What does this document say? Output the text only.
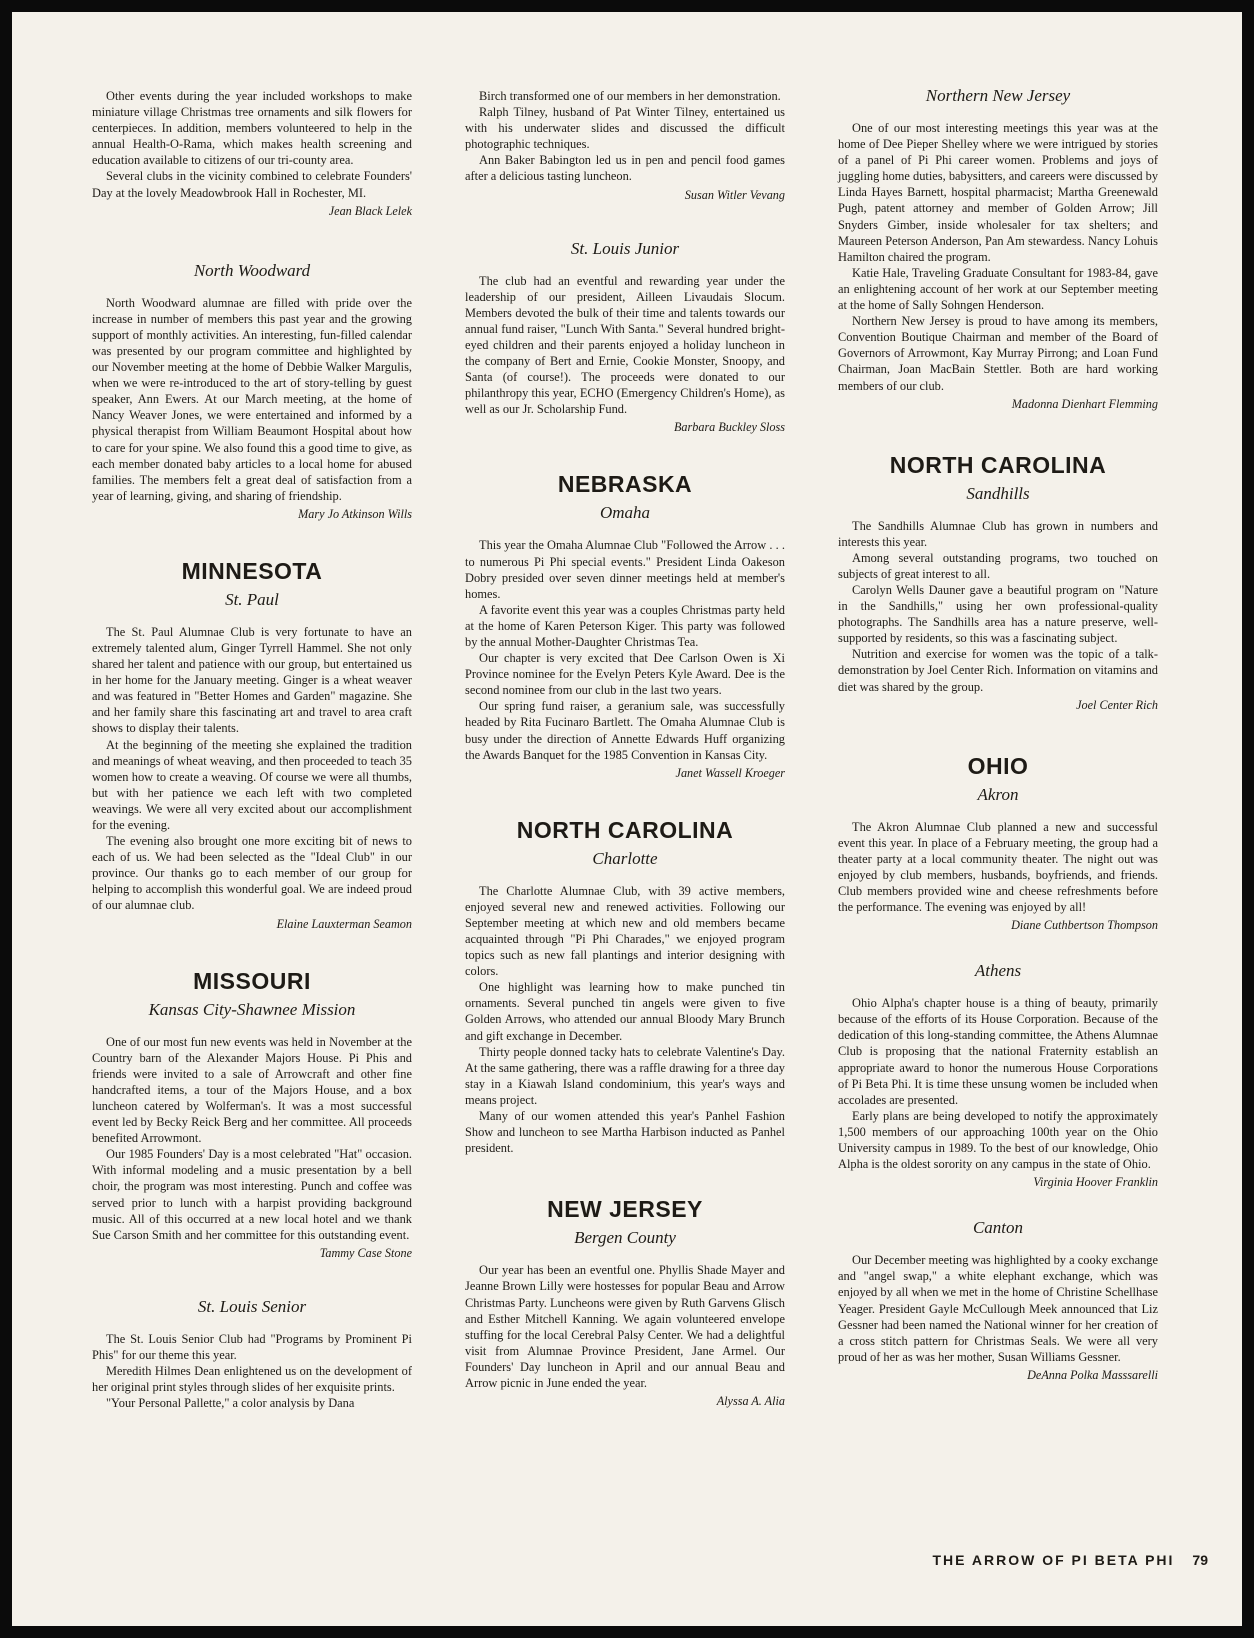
Other events during the year included workshops to make miniature village Christmas tree ornaments and silk flowers for centerpieces. In addition, members volunteered to help in the annual Health-O-Rama, which makes health screening and education available to citizens of our tri-county area.

Several clubs in the vicinity combined to celebrate Founders' Day at the lovely Meadowbrook Hall in Rochester, MI.

Jean Black Lelek
North Woodward

North Woodward alumnae are filled with pride over the increase in number of members this past year and the growing support of monthly activities. An interesting, fun-filled calendar was presented by our program committee and highlighted by our November meeting at the home of Debbie Walker Margulis, when we were re-introduced to the art of story-telling by guest speaker, Ann Ewers. At our March meeting, at the home of Nancy Weaver Jones, we were entertained and informed by a physical therapist from William Beaumont Hospital about how to care for your spine. We also found this a good time to give, as each member donated baby articles to a local home for abused families. The members felt a great deal of satisfaction from a year of learning, giving, and sharing of friendship.

Mary Jo Atkinson Wills
MINNESOTA
St. Paul

The St. Paul Alumnae Club is very fortunate to have an extremely talented alum, Ginger Tyrrell Hammel. She not only shared her talent and patience with our group, but entertained us in her home for the January meeting. Ginger is a wheat weaver and was featured in "Better Homes and Garden" magazine. She and her family share this fascinating art and travel to area craft shows to display their talents.

At the beginning of the meeting she explained the tradition and meanings of wheat weaving, and then proceeded to teach 35 women how to create a weaving. Of course we were all thumbs, but with her patience we each left with two completed weavings. We were all very excited about our accomplishment for the evening.

The evening also brought one more exciting bit of news to each of us. We had been selected as the "Ideal Club" in our province. Our thanks go to each member of our group for helping to accomplish this wonderful goal. We are indeed proud of our alumnae club.

Elaine Lauxterman Seamon
MISSOURI
Kansas City-Shawnee Mission

One of our most fun new events was held in November at the Country barn of the Alexander Majors House. Pi Phis and friends were invited to a sale of Arrowcraft and other fine handcrafted items, a tour of the Majors House, and a box luncheon catered by Wolferman's. It was a most successful event led by Becky Reick Berg and her committee. All proceeds benefited Arrowmont.

Our 1985 Founders' Day is a most celebrated "Hat" occasion. With informal modeling and a music presentation by a bell choir, the program was most interesting. Punch and coffee was served prior to lunch with a harpist providing background music. All of this occurred at a new local hotel and we thank Sue Carson Smith and her committee for this outstanding event.

Tammy Case Stone
St. Louis Senior

The St. Louis Senior Club had "Programs by Prominent Pi Phis" for our theme this year.

Meredith Hilmes Dean enlightened us on the development of her original print styles through slides of her exquisite prints.

"Your Personal Pallette," a color analysis by Dana

Birch transformed one of our members in her demonstration.

Ralph Tilney, husband of Pat Winter Tilney, entertained us with his underwater slides and discussed the difficult photographic techniques.

Ann Baker Babington led us in pen and pencil food games after a delicious tasting luncheon.

Susan Witler Vevang
St. Louis Junior

The club had an eventful and rewarding year under the leadership of our president, Ailleen Livaudais Slocum. Members devoted the bulk of their time and talents towards our annual fund raiser, "Lunch With Santa." Several hundred bright-eyed children and their parents enjoyed a holiday luncheon in the company of Bert and Ernie, Cookie Monster, Snoopy, and Santa (of course!). The proceeds were donated to our philanthropy this year, ECHO (Emergency Children's Home), as well as our Jr. Scholarship Fund.

Barbara Buckley Sloss
NEBRASKA
Omaha

This year the Omaha Alumnae Club "Followed the Arrow . . . to numerous Pi Phi special events." President Linda Oakeson Dobry presided over seven dinner meetings held at member's homes.

A favorite event this year was a couples Christmas party held at the home of Karen Peterson Kiger. This party was followed by the annual Mother-Daughter Christmas Tea.

Our chapter is very excited that Dee Carlson Owen is Xi Province nominee for the Evelyn Peters Kyle Award. Dee is the second nominee from our club in the last two years.

Our spring fund raiser, a geranium sale, was successfully headed by Rita Fucinaro Bartlett. The Omaha Alumnae Club is busy under the direction of Annette Edwards Huff organizing the Awards Banquet for the 1985 Convention in Kansas City.

Janet Wassell Kroeger
NORTH CAROLINA
Charlotte

The Charlotte Alumnae Club, with 39 active members, enjoyed several new and renewed activities. Following our September meeting at which new and old members became acquainted through "Pi Phi Charades," we enjoyed program topics such as new fall plantings and interior designing with colors.

One highlight was learning how to make punched tin ornaments. Several punched tin angels were given to five Golden Arrows, who attended our annual Bloody Mary Brunch and gift exchange in December.

Thirty people donned tacky hats to celebrate Valentine's Day. At the same gathering, there was a raffle drawing for a three day stay in a Kiawah Island condominium, this year's ways and means project.

Many of our women attended this year's Panhel Fashion Show and luncheon to see Martha Harbison inducted as Panhel president.

NEW JERSEY
Bergen County

Our year has been an eventful one. Phyllis Shade Mayer and Jeanne Brown Lilly were hostesses for popular Beau and Arrow Christmas Party. Luncheons were given by Ruth Garvens Glisch and Esther Mitchell Kanning. We again volunteered envelope stuffing for the local Cerebral Palsy Center. We had a delightful visit from Alumnae Province President, Jane Armel. Our Founders' Day luncheon in April and our annual Beau and Arrow picnic in June ended the year.

Alyssa A. Alia
Northern New Jersey

One of our most interesting meetings this year was at the home of Dee Pieper Shelley where we were intrigued by stories of a panel of Pi Phi career women. Problems and joys of juggling home duties, babysitters, and careers were discussed by Linda Hayes Barnett, hospital pharmacist; Martha Greenewald Pugh, patent attorney and member of Golden Arrow; Jill Snyders Gimber, inside wholesaler for tax shelters; and Maureen Peterson Anderson, Pan Am stewardess. Nancy Lohuis Hamilton chaired the program.

Katie Hale, Traveling Graduate Consultant for 1983-84, gave an enlightening account of her work at our September meeting at the home of Sally Sohngen Henderson.

Northern New Jersey is proud to have among its members, Convention Boutique Chairman and member of the Board of Governors of Arrowmont, Kay Murray Pirrong; and Loan Fund Chairman, Joan MacBain Stettler. Both are hard working members of our club.

Madonna Dienhart Flemming
NORTH CAROLINA
Sandhills

The Sandhills Alumnae Club has grown in numbers and interests this year.

Among several outstanding programs, two touched on subjects of great interest to all.

Carolyn Wells Dauner gave a beautiful program on "Nature in the Sandhills," using her own professional-quality photographs. The Sandhills area has a nature preserve, well-supported by residents, so this was a fascinating subject.

Nutrition and exercise for women was the topic of a talk-demonstration by Joel Center Rich. Information on vitamins and diet was shared by the group.

Joel Center Rich
OHIO
Akron

The Akron Alumnae Club planned a new and successful event this year. In place of a February meeting, the group had a theater party at a local community theater. The night out was enjoyed by club members, husbands, boyfriends, and friends. Club members provided wine and cheese refreshments before the performance. The evening was enjoyed by all!

Diane Cuthbertson Thompson
Athens

Ohio Alpha's chapter house is a thing of beauty, primarily because of the efforts of its House Corporation. Because of the dedication of this long-standing committee, the Athens Alumnae Club is proposing that the national Fraternity establish an appropriate award to honor the numerous House Corporations of Pi Beta Phi. It is time these unsung women be included when accolades are presented.

Early plans are being developed to notify the approximately 1,500 members of our approaching 100th year on the Ohio University campus in 1989. To the best of our knowledge, Ohio Alpha is the oldest sorority on any campus in the state of Ohio.

Virginia Hoover Franklin
Canton

Our December meeting was highlighted by a cooky exchange and "angel swap," a white elephant exchange, which was enjoyed by all when we met in the home of Christine Schellhase Yeager. President Gayle McCullough Meek announced that Liz Gessner had been named the National winner for her creation of a cross stitch pattern for Christmas Seals. We were all very proud of her as was her mother, Susan Williams Gessner.

DeAnna Polka Masssarelli
THE ARROW OF PI BETA PHI 79
